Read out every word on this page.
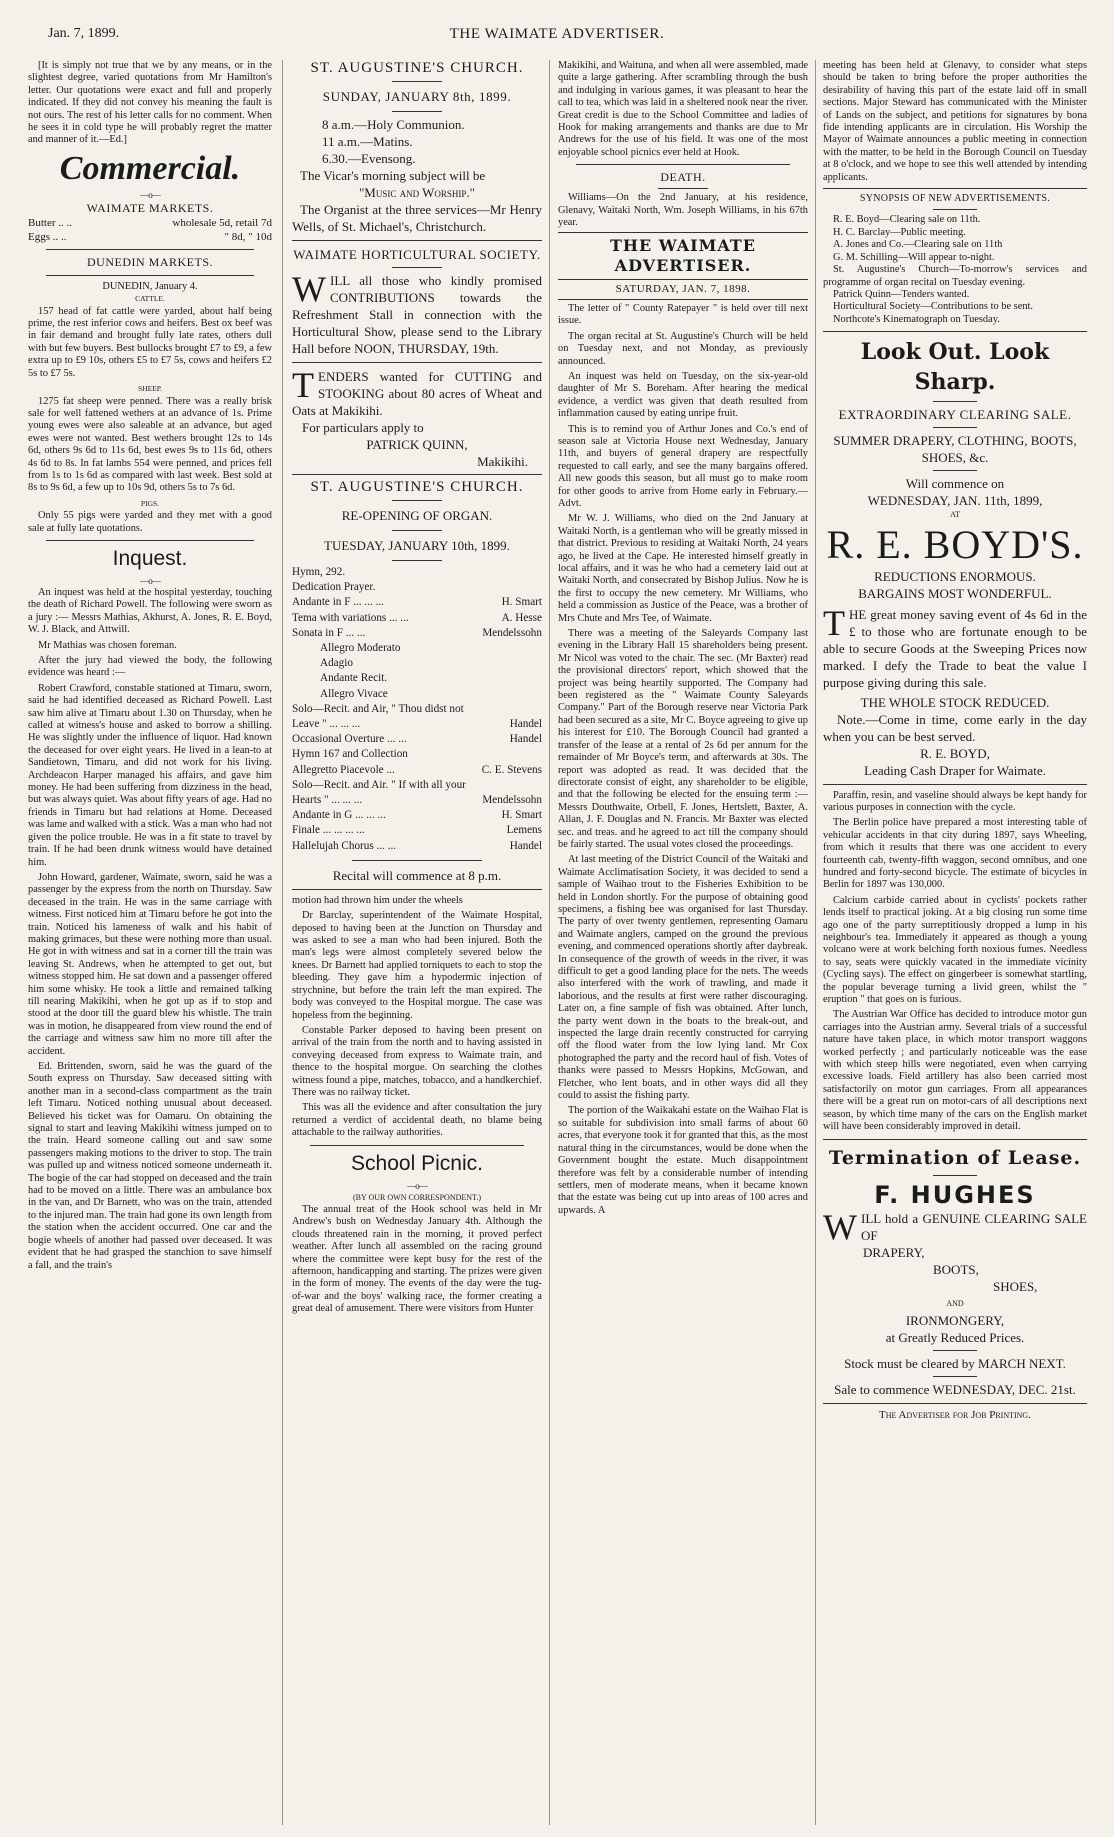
Jan. 7, 1899.	THE WAIMATE ADVERTISER.

[It is simply not true that we by any means, or in the slightest degree, varied quotations from Mr Hamilton's letter. Our quotations were exact and full and properly indicated. If they did not convey his meaning the fault is not ours. The rest of his letter calls for no comment. When he sees it in cold type he will probably regret the matter and manner of it.—Ed.]

Commercial.
—o—
WAIMATE MARKETS.
Butter .. ..	wholesale 5d, retail 7d
Eggs .. ..	" 8d, " 10d
DUNEDIN MARKETS.
DUNEDIN, January 4.
CATTLE.

157 head of fat cattle were yarded, about half being prime, the rest inferior cows and heifers. Best ox beef was in fair demand and brought fully late rates, others dull with but few buyers. Best bullocks brought £7 to £9, a few extra up to £9 10s, others £5 to £7 5s, cows and heifers £2 5s to £7 5s.

SHEEP.

1275 fat sheep were penned. There was a really brisk sale for well fattened wethers at an advance of 1s. Prime young ewes were also saleable at an advance, but aged ewes were not wanted. Best wethers brought 12s to 14s 6d, others 9s 6d to 11s 6d, best ewes 9s to 11s 6d, others 4s 6d to 8s. In fat lambs 554 were penned, and prices fell from 1s to 1s 6d as compared with last week. Best sold at 8s to 9s 6d, a few up to 10s 9d, others 5s to 7s 6d.

PIGS.

Only 55 pigs were yarded and they met with a good sale at fully late quotations.

Inquest.
—o—

An inquest was held at the hospital yesterday, touching the death of Richard Powell. The following were sworn as a jury :— Messrs Mathias, Akhurst, A. Jones, R. E. Boyd, W. J. Black, and Attwill.

Mr Mathias was chosen foreman.

After the jury had viewed the body, the following evidence was heard :—

Robert Crawford, constable stationed at Timaru, sworn, said he had identified deceased as Richard Powell. Last saw him alive at Timaru about 1.30 on Thursday, when he called at witness's house and asked to borrow a shilling. He was slightly under the influence of liquor. Had known the deceased for over eight years. He lived in a lean-to at Sandietown, Timaru, and did not work for his living. Archdeacon Harper managed his affairs, and gave him money. He had been suffering from dizziness in the head, but was always quiet. Was about fifty years of age. Had no friends in Timaru but had relations at Home. Deceased was lame and walked with a stick. Was a man who had not given the police trouble. He was in a fit state to travel by train. If he had been drunk witness would have detained him.

John Howard, gardener, Waimate, sworn, said he was a passenger by the express from the north on Thursday. Saw deceased in the train. He was in the same carriage with witness. First noticed him at Timaru before he got into the train. Noticed his lameness of walk and his habit of making grimaces, but these were nothing more than usual. He got in with witness and sat in a corner till the train was leaving St. Andrews, when he attempted to get out, but witness stopped him. He sat down and a passenger offered him some whisky. He took a little and remained talking till nearing Makikihi, when he got up as if to stop and stood at the door till the guard blew his whistle. The train was in motion, he disappeared from view round the end of the carriage and witness saw him no more till after the accident.

Ed. Brittenden, sworn, said he was the guard of the South express on Thursday. Saw deceased sitting with another man in a second-class compartment as the train left Timaru. Noticed nothing unusual about deceased. Believed his ticket was for Oamaru. On obtaining the signal to start and leaving Makikihi witness jumped on to the train. Heard someone calling out and saw some passengers making motions to the driver to stop. The train was pulled up and witness noticed someone underneath it. The bogie of the car had stopped on deceased and the train had to be moved on a little. There was an ambulance box in the van, and Dr Barnett, who was on the train, attended to the injured man. The train had gone its own length from the station when the accident occurred. One car and the bogie wheels of another had passed over deceased. It was evident that he had grasped the stanchion to save himself a fall, and the train's

ST. AUGUSTINE'S CHURCH.
SUNDAY, JANUARY 8th, 1899.
8 a.m.—Holy Communion.
11 a.m.—Matins.
6.30.—Evensong.
The Vicar's morning subject will be
"Music and Worship."
The Organist at the three services—Mr Henry Wells, of St. Michael's, Christchurch.
WAIMATE HORTICULTURAL SOCIETY.
W ILL all those who kindly promised CONTRIBUTIONS towards the Refreshment Stall in connection with the Horticultural Show, please send to the Library Hall before NOON, THURSDAY, 19th.
T ENDERS wanted for CUTTING and STOOKING about 80 acres of Wheat and Oats at Makikihi.
For particulars apply to
PATRICK QUINN,
Makikihi.
ST. AUGUSTINE'S CHURCH.
RE-OPENING OF ORGAN.
TUESDAY, JANUARY 10th, 1899.
Hymn, 292.
Dedication Prayer.
Andante in F ... ... ...	H. Smart
Tema with variations ... ...	A. Hesse
Sonata in F ... ...	Mendelssohn
Allegro Moderato
Adagio
Andante Recit.
Allegro Vivace
Solo—Recit. and Air, " Thou didst not
Leave " ... ... ...	Handel
Occasional Overture ... ...	Handel
Hymn 167 and Collection
Allegretto Piacevole ...	C. E. Stevens
Solo—Recit. and Air. " If with all your
Hearts " ... ... ...	Mendelssohn
Andante in G ... ... ...	H. Smart
Finale ... ... ... ...	Lemens
Hallelujah Chorus ... ...	Handel
Recital will commence at 8 p.m.

motion had thrown him under the wheels

Dr Barclay, superintendent of the Waimate Hospital, deposed to having been at the Junction on Thursday and was asked to see a man who had been injured. Both the man's legs were almost completely severed below the knees. Dr Barnett had applied torniquets to each to stop the bleeding. They gave him a hypodermic injection of strychnine, but before the train left the man expired. The body was conveyed to the Hospital morgue. The case was hopeless from the beginning.

Constable Parker deposed to having been present on arrival of the train from the north and to having assisted in conveying deceased from express to Waimate train, and thence to the hospital morgue. On searching the clothes witness found a pipe, matches, tobacco, and a handkerchief. There was no railway ticket.

This was all the evidence and after consultation the jury returned a verdict of accidental death, no blame being attachable to the railway authorities.

School Picnic.
—o—
(BY OUR OWN CORRESPONDENT.)

The annual treat of the Hook school was held in Mr Andrew's bush on Wednesday January 4th. Although the clouds threatened rain in the morning, it proved perfect weather. After lunch all assembled on the racing ground where the committee were kept busy for the rest of the afternoon, handicapping and starting. The prizes were given in the form of money. The events of the day were the tug-of-war and the boys' walking race, the former creating a great deal of amusement. There were visitors from Hunter

Makikihi, and Waituna, and when all were assembled, made quite a large gathering. After scrambling through the bush and indulging in various games, it was pleasant to hear the call to tea, which was laid in a sheltered nook near the river. Great credit is due to the School Committee and ladies of Hook for making arrangements and thanks are due to Mr Andrews for the use of his field. It was one of the most enjoyable school picnics ever held at Hook.

DEATH.

Williams—On the 2nd January, at his residence, Glenavy, Waitaki North, Wm. Joseph Williams, in his 67th year.

THE WAIMATE ADVERTISER.
SATURDAY, JAN. 7, 1898.

The letter of " County Ratepayer " is held over till next issue.

The organ recital at St. Augustine's Church will be held on Tuesday next, and not Monday, as previously announced.

An inquest was held on Tuesday, on the six-year-old daughter of Mr S. Boreham. After hearing the medical evidence, a verdict was given that death resulted from inflammation caused by eating unripe fruit.

This is to remind you of Arthur Jones and Co.'s end of season sale at Victoria House next Wednesday, January 11th, and buyers of general drapery are respectfully requested to call early, and see the many bargains offered. All new goods this season, but all must go to make room for other goods to arrive from Home early in February.—Advt.

Mr W. J. Williams, who died on the 2nd January at Waitaki North, is a gentleman who will be greatly missed in that district. Previous to residing at Waitaki North, 24 years ago, he lived at the Cape. He interested himself greatly in local affairs, and it was he who had a cemetery laid out at Waitaki North, and consecrated by Bishop Julius. Now he is the first to occupy the new cemetery. Mr Williams, who held a commission as Justice of the Peace, was a brother of Mrs Chute and Mrs Tee, of Waimate.

There was a meeting of the Saleyards Company last evening in the Library Hall 15 shareholders being present. Mr Nicol was voted to the chair. The sec. (Mr Baxter) read the provisional directors' report, which showed that the project was being heartily supported. The Company had been registered as the " Waimate County Saleyards Company." Part of the Borough reserve near Victoria Park had been secured as a site, Mr C. Boyce agreeing to give up his interest for £10. The Borough Council had granted a transfer of the lease at a rental of 2s 6d per annum for the remainder of Mr Boyce's term, and afterwards at 30s. The report was adopted as read. It was decided that the directorate consist of eight, any shareholder to be eligible, and that the following be elected for the ensuing term :— Messrs Douthwaite, Orbell, F. Jones, Hertslett, Baxter, A. Allan, J. F. Douglas and N. Francis. Mr Baxter was elected sec. and treas. and he agreed to act till the company should be fairly started. The usual votes closed the proceedings.

At last meeting of the District Council of the Waitaki and Waimate Acclimatisation Society, it was decided to send a sample of Waihao trout to the Fisheries Exhibition to be held in London shortly. For the purpose of obtaining good specimens, a fishing bee was organised for last Thursday. The party of over twenty gentlemen, representing Oamaru and Waimate anglers, camped on the ground the previous evening, and commenced operations shortly after daybreak. In consequence of the growth of weeds in the river, it was difficult to get a good landing place for the nets. The weeds also interfered with the work of trawling, and made it laborious, and the results at first were rather discouraging. Later on, a fine sample of fish was obtained. After lunch, the party went down in the boats to the break-out, and inspected the large drain recently constructed for carrying off the flood water from the low lying land. Mr Cox photographed the party and the record haul of fish. Votes of thanks were passed to Messrs Hopkins, McGowan, and Fletcher, who lent boats, and in other ways did all they could to assist the fishing party.

The portion of the Waikakahi estate on the Waihao Flat is so suitable for subdivision into small farms of about 60 acres, that everyone took it for granted that this, as the most natural thing in the circumstances, would be done when the Government bought the estate. Much disappointment therefore was felt by a considerable number of intending settlers, men of moderate means, when it became known that the estate was being cut up into areas of 100 acres and upwards. A

meeting has been held at Glenavy, to consider what steps should be taken to bring before the proper authorities the desirability of having this part of the estate laid off in small sections. Major Steward has communicated with the Minister of Lands on the subject, and petitions for signatures by bona fide intending applicants are in circulation. His Worship the Mayor of Waimate announces a public meeting in connection with the matter, to be held in the Borough Council on Tuesday at 8 o'clock, and we hope to see this well attended by intending applicants.

SYNOPSIS OF NEW ADVERTISEMENTS.
R. E. Boyd—Clearing sale on 11th.
H. C. Barclay—Public meeting.
A. Jones and Co.—Clearing sale on 11th
G. M. Schilling—Will appear to-night.
St. Augustine's Church—To-morrow's services and programme of organ recital on Tuesday evening.
Patrick Quinn—Tenders wanted.
Horticultural Society—Contributions to be sent.
Northcote's Kinematograph on Tuesday.
Look Out. Look Sharp.
EXTRAORDINARY CLEARING SALE.
SUMMER DRAPERY, CLOTHING, BOOTS, SHOES, &c.
Will commence on
WEDNESDAY, JAN. 11th, 1899,
AT
R. E. BOYD'S.
REDUCTIONS ENORMOUS.
BARGAINS MOST WONDERFUL.
T HE great money saving event of 4s 6d in the £ to those who are fortunate enough to be able to secure Goods at the Sweeping Prices now marked. I defy the Trade to beat the value I purpose giving during this sale.
THE WHOLE STOCK REDUCED.
Note.—Come in time, come early in the day when you can be best served.
R. E. BOYD,
Leading Cash Draper for Waimate.

Paraffin, resin, and vaseline should always be kept handy for various purposes in connection with the cycle.

The Berlin police have prepared a most interesting table of vehicular accidents in that city during 1897, says Wheeling, from which it results that there was one accident to every fourteenth cab, twenty-fifth waggon, second omnibus, and one hundred and forty-second bicycle. The estimate of bicycles in Berlin for 1897 was 130,000.

Calcium carbide carried about in cyclists' pockets rather lends itself to practical joking. At a big closing run some time ago one of the party surreptitiously dropped a lump in his neighbour's tea. Immediately it appeared as though a young volcano were at work belching forth noxious fumes. Needless to say, seats were quickly vacated in the immediate vicinity (Cycling says). The effect on gingerbeer is somewhat startling, the popular beverage turning a livid green, whilst the " eruption " that goes on is furious.

The Austrian War Office has decided to introduce motor gun carriages into the Austrian army. Several trials of a successful nature have taken place, in which motor transport waggons worked perfectly ; and particularly noticeable was the ease with which steep hills were negotiated, even when carrying excessive loads. Field artillery has also been carried most satisfactorily on motor gun carriages. From all appearances there will be a great run on motor-cars of all descriptions next season, by which time many of the cars on the English market will have been considerably improved in detail.

Termination of Lease.
F. HUGHES
W ILL hold a GENUINE CLEARING SALE OF
DRAPERY,
BOOTS,
SHOES,
AND
IRONMONGERY,
at Greatly Reduced Prices.
Stock must be cleared by MARCH NEXT.
Sale to commence WEDNESDAY, DEC. 21st.
The Advertiser for Job Printing.
